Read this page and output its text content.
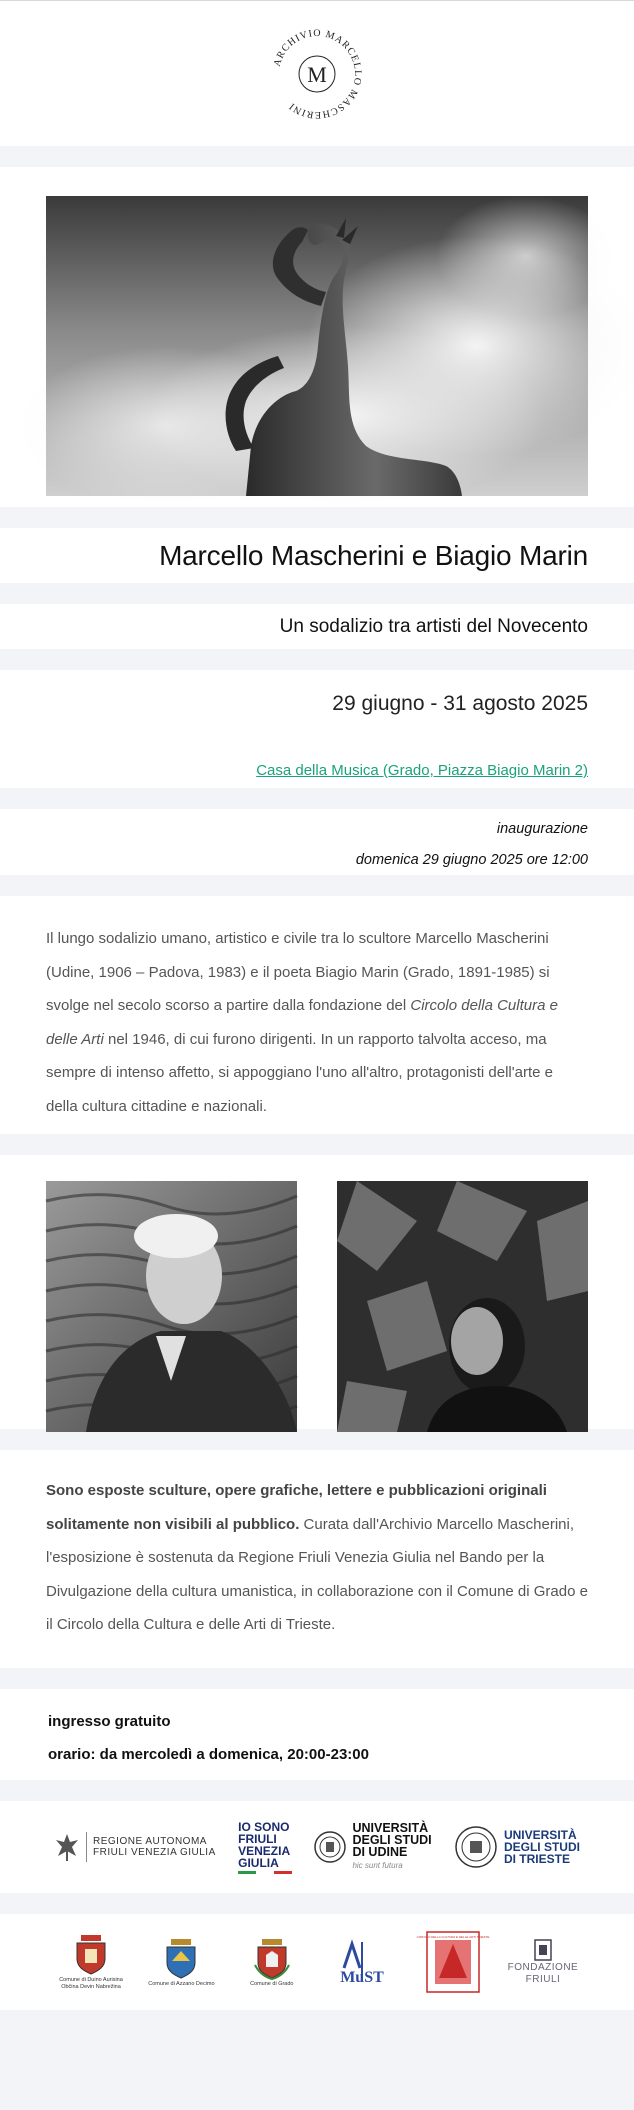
ARCHIVIO MARCELLO MASCHERINI
M
Marcello Mascherini e Biagio Marin
Un sodalizio tra artisti del Novecento
29 giugno - 31 agosto 2025
Casa della Musica (Grado, Piazza Biagio Marin 2)
inaugurazione
domenica 29 giugno 2025 ore 12:00

Il lungo sodalizio umano, artistico e civile tra lo scultore Marcello Mascherini (Udine, 1906 – Padova, 1983) e il poeta Biagio Marin (Grado, 1891-1985) si svolge nel secolo scorso a partire dalla fondazione del Circolo della Cultura e delle Arti nel 1946, di cui furono dirigenti. In un rapporto talvolta acceso, ma sempre di intenso affetto, si appoggiano l'uno all'altro, protagonisti dell'arte e della cultura cittadine e nazionali.

Sono esposte sculture, opere grafiche, lettere e pubblicazioni originali solitamente non visibili al pubblico. Curata dall'Archivio Marcello Mascherini, l'esposizione è sostenuta da Regione Friuli Venezia Giulia nel Bando per la Divulgazione della cultura umanistica, in collaborazione con il Comune di Grado e il Circolo della Cultura e delle Arti di Trieste.

ingresso gratuito
orario: da mercoledì a domenica, 20:00-23:00
REGIONE AUTONOMA
FRIULI VENEZIA GIULIA
IO SONO
FRIULI
VENEZIA
GIULIA
UNIVERSITÀ
DEGLI STUDI
DI UDINE
hic sunt futura
UNIVERSITÀ
DEGLI STUDI
DI TRIESTE
Comune di Duino Aurisina
Občina Devin Nabrežina
Comune di Azzano Decimo	Comune di Grado	MuST
CIRCOLO DELLA CULTURA E DELLE ARTI TRIESTE
FONDAZIONE
FRIULI
